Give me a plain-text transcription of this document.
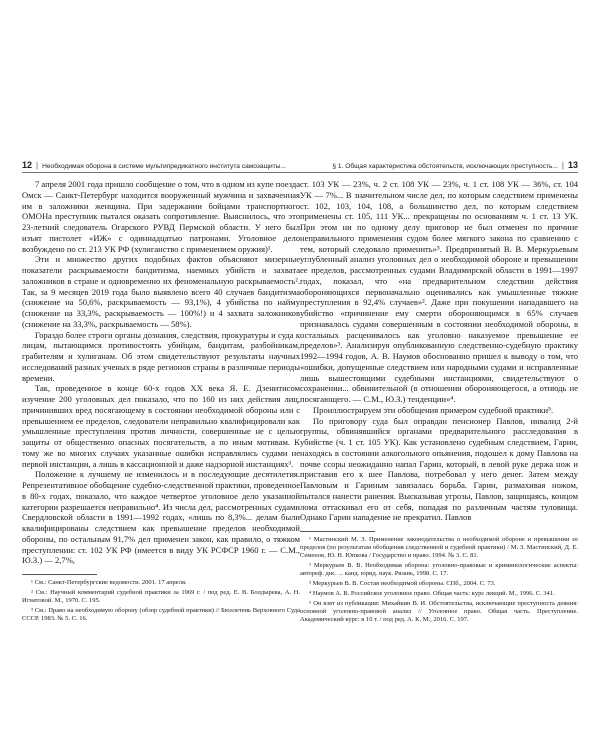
12 | Необходимая оборона в системе мультипредикатного института самозащиты...

7 апреля 2001 года пришло сообщение о том, что в одном из купе поезда Омск — Санкт-Петербург находится вооруженный мужчина и захваченная им в заложники женщина. При задержании бойцами транспортного ОМОНа преступник пытался оказать сопротивление. Выяснилось, что это 23-летний следователь Огарского РУВД Пермской области. У него был изъят пистолет «ИЖ» с одиннадцатью патронами. Уголовное дело возбуждено по ст. 213 УК РФ (хулиганство с применением оружия)¹.

Эти и множество других подобных фактов объясняют мизерные показатели раскрываемости бандитизма, наемных убийств и захвата заложников в стране и одновременно их феноменальную раскрываемость². Так, за 9 месяцев 2019 года было выявлено всего 40 случаев бандитизма (снижение на 50,6%, раскрываемость — 93,1%), 4 убийства по найму (снижение на 33,3%, раскрываемость — 100%!) и 4 захвата заложников (снижение на 33,3%, раскрываемость — 58%).

Гораздо более строги органы дознания, следствия, прокуратуры и суда к лицам, пытающимся противостоять убийцам, бандитам, разбойникам, грабителям и хулиганам. Об этом свидетельствуют результаты научных исследований разных ученых в ряде регионов страны в различные периоды времени.

Так, проведенное в конце 60-х годов XX века Я. Е. Дзенитисом изучение 200 уголовных дел показало, что по 160 из них действия лиц, причинивших вред посягающему в состоянии необходимой обороны или с превышением ее пределов, следователи неправильно квалифицировали как умышленные преступления против личности, совершенные не с целью защиты от общественно опасных посягательств, а по иным мотивам. К тому же во многих случаях указанные ошибки исправлялись судами не первой инстанции, а лишь в кассационной и даже надзорной инстанциях³.

Положение к лучшему не изменилось и в последующие десятилетия. Репрезентативное обобщение судебно-следственной практики, проведенное в 80-х годах, показало, что каждое четвертое уголовное дело указанной категории разрешается неправильно⁴. Из числа дел, рассмотренных судами Свердловской области в 1991—1992 годах, «лишь по 8,3%... делам были квалифицированы следствием как превышение пределов необходимой обороны, по остальным 91,7% дел применен закон, как правило, о тяжком преступлении: ст. 102 УК РФ (имеется в виду УК РСФСР 1960 г. — С.М., Ю.З.) — 2,7%,

¹ См.: Санкт-Петербургские ведомости. 2001. 17 апреля.

² См.: Научный комментарий судебной практики за 1969 г. / под ред. Е. В. Болдырева, А. Н. Игнатовой. М., 1970. С. 195.

³ См.: Право на необходимую оборону (обзор судебной практики) // Бюллетень Верховного Суда СССР. 1983. № 5. С. 16.

§ 1. Общая характеристика обстоятельств, исключающих преступность... | 13

ст. 103 УК — 23%, ч. 2 ст. 108 УК — 23%, ч. 1 ст. 108 УК — 36%, ст. 104 УК — 7%... В значительном числе дел, по которым следствием применены ст. 102, 103, 104, 108, а большинство дел, по которым следствием применены ст. 105, 111 УК... прекращены по основаниям ч. 1 ст. 13 УК. При этом ни по одному делу приговор не был отменен по причине неправильного применения судом более мягкого закона по сравнению с тем, который следовало применить»⁵. Предпринятый В. В. Меркурьевым углубленный анализ уголовных дел о необходимой обороне и превышении ее пределов, рассмотренных судами Владимирской области в 1991—1997 годах, показал, что «на предварительном следствии действия обороняющихся первоначально оценивались как умышленные тяжкие преступления в 92,4% случаев»². Даже при покушении нападавшего на убийство «причинение ему смерти обороняющимся в 65% случаев признавалось судами совершенным в состоянии необходимой обороны, в остальных расценивалось как уголовно наказуемое превышение ее пределов»³. Анализируя опубликованную следственно-судебную практику 1992—1994 годов, А. В. Наумов обоснованно пришел к выводу о том, что «ошибки, допущенные следствием или народными судами и исправленные лишь вышестоящими судебными инстанциями, свидетельствуют о сохранении... обвинительной (в отношении обороняющегося, а отнюдь не посягающего. — С.М., Ю.З.) тенденции»⁴.

Проиллюстрируем эти обобщения примером судебной практики⁵.

По приговору суда был оправдан пенсионер Павлов, инвалид 2-й группы, обвинявшийся органами предварительного расследования в убийстве (ч. 1 ст. 105 УК). Как установлено судебным следствием, Гарин, находясь в состоянии алкогольного опьянения, подошел к дому Павлова на почве ссоры неожиданно напал Гарин, который, в левой руке держа нож и приставив его к шее Павлова, потребовал у него денег. Затем между Павловым и Гариным завязалась борьба. Гарин, размахивая ножом, пытался нанести ранения. Высказывая угрозы, Павлов, защищаясь, концом лома оттаскивал его от себя, попадая по различным частям туловища. Однако Гарин нападение не прекратил. Павлов

¹ Мастинский М. З. Применение законодательства о необходимой обороне и превышении ее пределов (по результатам обобщения следственной и судебной практики) / М. З. Мастинский, Д. Е. Семенов, Ю. Н. Юпкова / Государство и право. 1994. № 3. С. 81.

² Меркурьев В. В. Необходимая оборона: уголовно-правовые и криминологические аспекты: автореф. дис. ... канд. юрид. наук. Рязань, 1998. С. 17.

³ Меркурьев В. В. Состав необходимой обороны. СПб., 2004. С. 73.

⁴ Наумов А. В. Российское уголовное право. Общая часть: курс лекций. М., 1996. С. 341.

⁵ Он взят из публикации: Михайкин В. И. Обстоятельства, исключающие преступность деяния: основной уголовно-правовой анализ // Уголовное право. Общая часть. Преступление. Академический курс: в 10 т. / под ред. А. К. М., 2016. С. 197.
